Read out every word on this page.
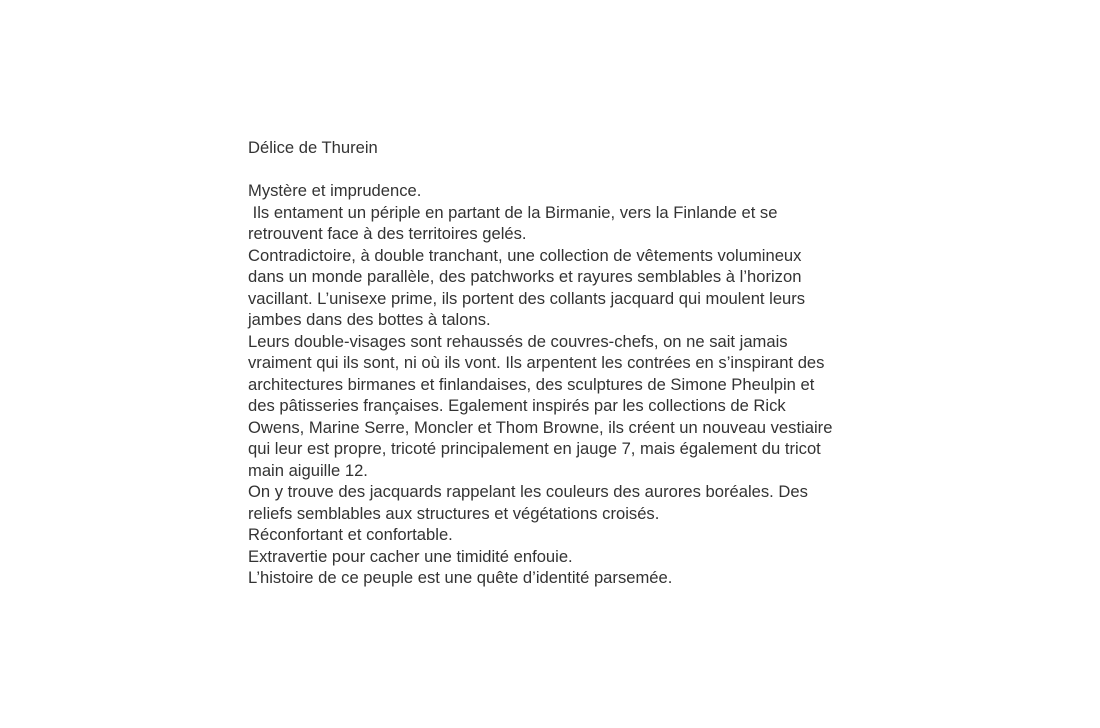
Délice de Thurein
Mystère et imprudence.
Ils entament un périple en partant de la Birmanie, vers la Finlande et se
retrouvent face à des territoires gelés.
Contradictoire, à double tranchant, une collection de vêtements volumineux
dans un monde parallèle, des patchworks et rayures semblables à l’horizon
vacillant. L’unisexe prime, ils portent des collants jacquard qui moulent leurs
jambes dans des bottes à talons.
Leurs double-visages sont rehaussés de couvres-chefs, on ne sait jamais
vraiment qui ils sont, ni où ils vont. Ils arpentent les contrées en s’inspirant des
architectures birmanes et finlandaises, des sculptures de Simone Pheulpin et
des pâtisseries françaises. Egalement inspirés par les collections de Rick
Owens, Marine Serre, Moncler et Thom Browne, ils créent un nouveau vestiaire
qui leur est propre, tricoté principalement en jauge 7, mais également du tricot
main aiguille 12.
On y trouve des jacquards rappelant les couleurs des aurores boréales. Des
reliefs semblables aux structures et végétations croisés.
Réconfortant et confortable.
Extravertie pour cacher une timidité enfouie.
L’histoire de ce peuple est une quête d’identité parsemée.
